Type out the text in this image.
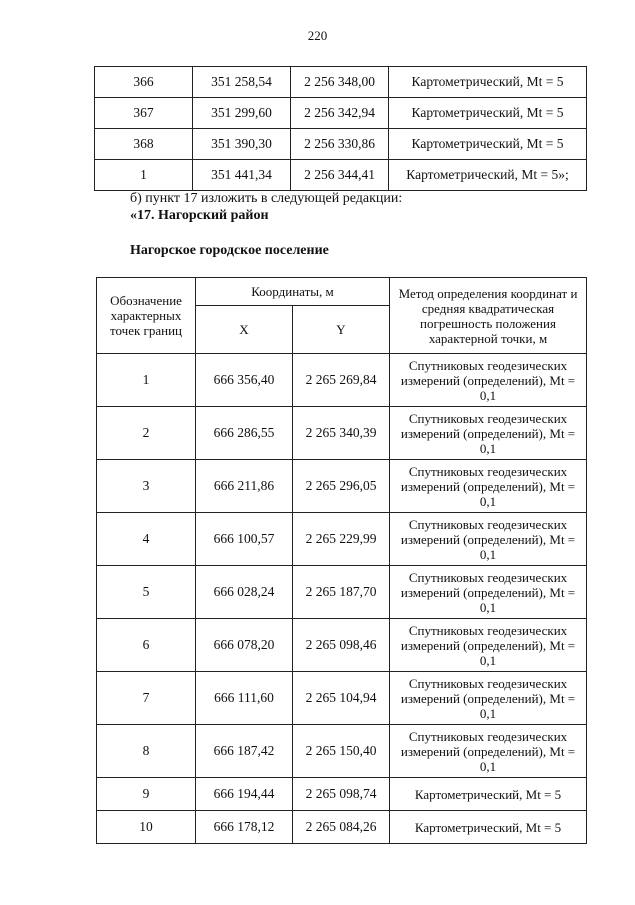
220
366	351 258,54	2 256 348,00	Картометрический, Mt = 5
367	351 299,60	2 256 342,94	Картометрический, Mt = 5
368	351 390,30	2 256 330,86	Картометрический, Mt = 5
1	351 441,34	2 256 344,41	Картометрический, Mt = 5»;
б) пункт 17 изложить в следующей редакции:
«17. Нагорский район
Нагорское городское поселение
Обозначение характерных точек границ	Координаты, м		Метод определения координат и средняя квадратическая погрешность положения характерной точки, м
	X	Y	
1	666 356,40	2 265 269,84	Спутниковых геодезических измерений (определений), Mt = 0,1
2	666 286,55	2 265 340,39	Спутниковых геодезических измерений (определений), Mt = 0,1
3	666 211,86	2 265 296,05	Спутниковых геодезических измерений (определений), Mt = 0,1
4	666 100,57	2 265 229,99	Спутниковых геодезических измерений (определений), Mt = 0,1
5	666 028,24	2 265 187,70	Спутниковых геодезических измерений (определений), Mt = 0,1
6	666 078,20	2 265 098,46	Спутниковых геодезических измерений (определений), Mt = 0,1
7	666 111,60	2 265 104,94	Спутниковых геодезических измерений (определений), Mt = 0,1
8	666 187,42	2 265 150,40	Спутниковых геодезических измерений (определений), Mt = 0,1
9	666 194,44	2 265 098,74	Картометрический, Mt = 5
10	666 178,12	2 265 084,26	Картометрический, Mt = 5
